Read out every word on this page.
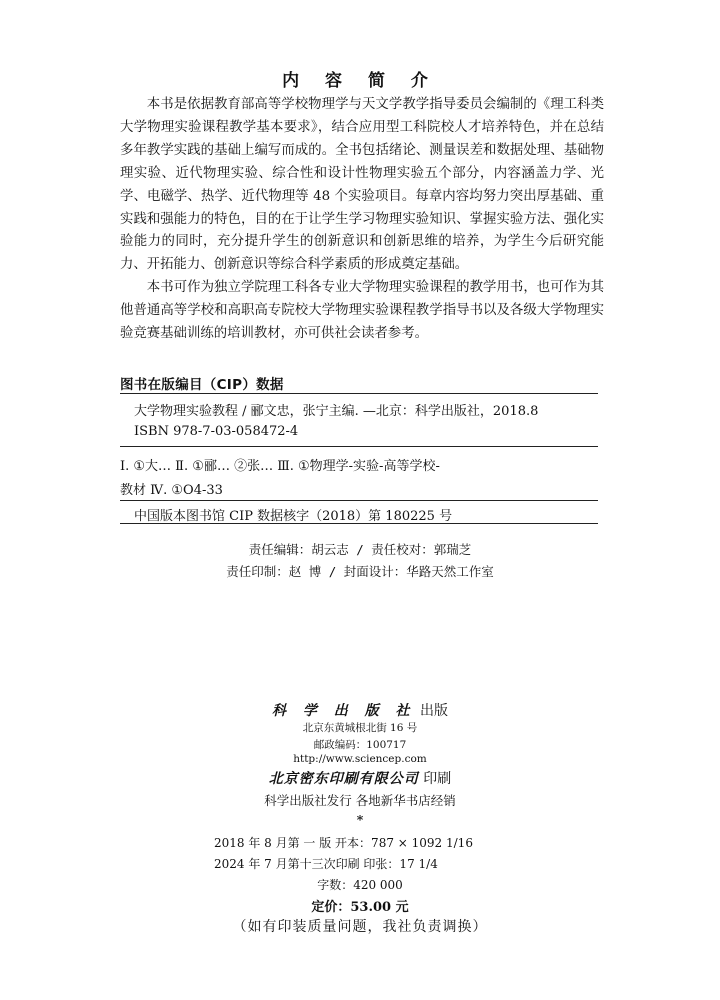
内 容 简 介

本书是依据教育部高等学校物理学与天文学教学指导委员会编制的《理工科类大学物理实验课程教学基本要求》，结合应用型工科院校人才培养特色，并在总结多年教学实践的基础上编写而成的。全书包括绪论、测量误差和数据处理、基础物理实验、近代物理实验、综合性和设计性物理实验五个部分，内容涵盖力学、光学、电磁学、热学、近代物理等 48 个实验项目。每章内容均努力突出厚基础、重实践和强能力的特色，目的在于让学生学习物理实验知识、掌握实验方法、强化实验能力的同时，充分提升学生的创新意识和创新思维的培养，为学生今后研究能力、开拓能力、创新意识等综合科学素质的形成奠定基础。

本书可作为独立学院理工科各专业大学物理实验课程的教学用书，也可作为其他普通高等学校和高职高专院校大学物理实验课程教学指导书以及各级大学物理实验竞赛基础训练的培训教材，亦可供社会读者参考。

图书在版编目（CIP）数据
大学物理实验教程 / 郦文忠，张宁主编. —北京：科学出版社，2018.8
ISBN 978-7-03-058472-4
Ⅰ. ①大… Ⅱ. ①郦… ②张… Ⅲ. ①物理学-实验-高等学校-
教材 Ⅳ. ①O4-33
中国版本图书馆 CIP 数据核字（2018）第 180225 号
责任编辑：胡云志 / 责任校对：郭瑞芝
责任印制：赵 博 / 封面设计：华路天然工作室
科 学 出 版 社 出版
北京东黄城根北街 16 号
邮政编码：100717
http://www.sciencep.com
北京密东印刷有限公司 印刷
科学出版社发行 各地新华书店经销
*
2018 年 8 月第 一 版 开本：787 × 1092 1/16
2024 年 7 月第十三次印刷 印张：17 1/4
字数：420 000
定价：53.00 元
（如有印装质量问题，我社负责调换）
